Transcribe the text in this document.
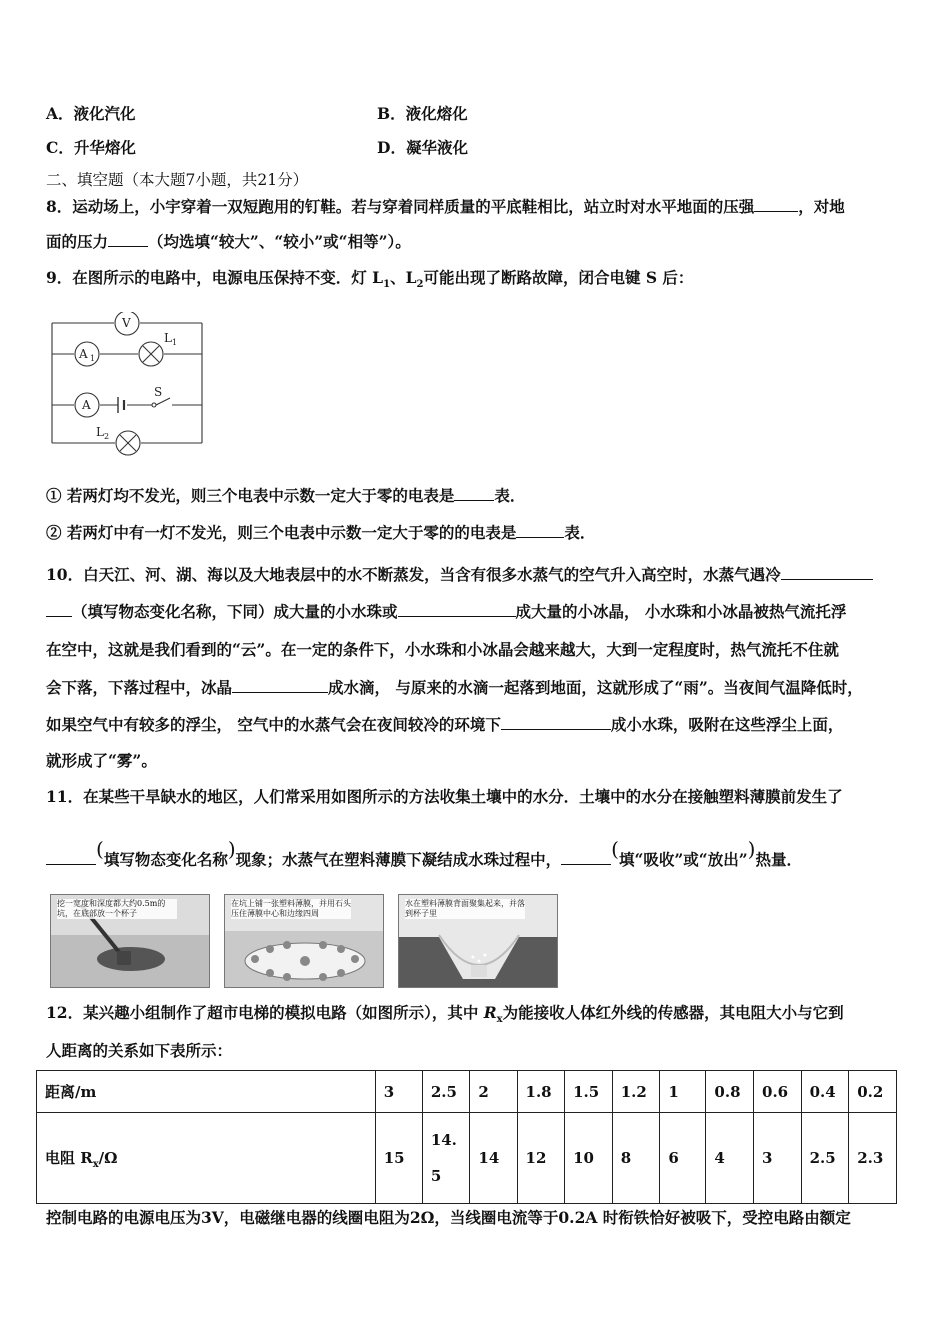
A．液化汽化	B．液化熔化
C．升华熔化	D．凝华液化
二、填空题（本大题7小题，共21分）
8．运动场上，小宇穿着一双短跑用的钉鞋。若与穿着同样质量的平底鞋相比，站立时对水平地面的压强	，对地
面的压力	（均选填“较大”、“较小”或“相等”）。
9．在图所示的电路中，电源电压保持不变．灯 $L_1$、$L_2$可能出现了断路故障，闭合电键 S 后：
V
A 1
A
L 1
L 2
S
① 若两灯均不发光，则三个电表中示数一定大于零的电表是	表．
② 若两灯中有一灯不发光，则三个电表中示数一定大于零的的电表是	表．
10．白天江、河、湖、海以及大地表层中的水不断蒸发，当含有很多水蒸气的空气升入高空时，水蒸气遇冷
（填写物态变化名称，下同）成大量的小水珠或	成大量的小冰晶， 小水珠和小冰晶被热气流托浮
在空中，这就是我们看到的“云”。在一定的条件下，小水珠和小冰晶会越来越大，大到一定程度时，热气流托不住就
会下落，下落过程中，冰晶	成水滴， 与原来的水滴一起落到地面，这就形成了“雨”。当夜间气温降低时，
如果空气中有较多的浮尘， 空气中的水蒸气会在夜间较冷的环境下	成小水珠，吸附在这些浮尘上面，
就形成了“雾”。
11．在某些干旱缺水的地区，人们常采用如图所示的方法收集土壤中的水分．土壤中的水分在接触塑料薄膜前发生了
(填写物态变化名称)现象；水蒸气在塑料薄膜下凝结成水珠过程中，	(填“吸收”或“放出”)热量．
挖一宽度和深度都大约0.5m的坑，在底部放一个杯子
在坑上铺一张塑料薄膜，并用石头压住薄膜中心和边缘四周
水在塑料薄膜背面聚集起来，并落到杯子里
12．某兴趣小组制作了超市电梯的模拟电路（如图所示），其中 $R_x$为能接收人体红外线的传感器，其电阻大小与它到
人距离的关系如下表所示：
距离/m	3	2.5	2	1.8	1.5	1.2	1	0.8	0.6	0.4	0.2
电阻 $R_x/\Omega$	15	14.
5	14	12	10	8	6	4	3	2.5	2.3
控制电路的电源电压为3V，电磁继电器的线圈电阻为2Ω，当线圈电流等于0.2A 时衔铁恰好被吸下，受控电路由额定
